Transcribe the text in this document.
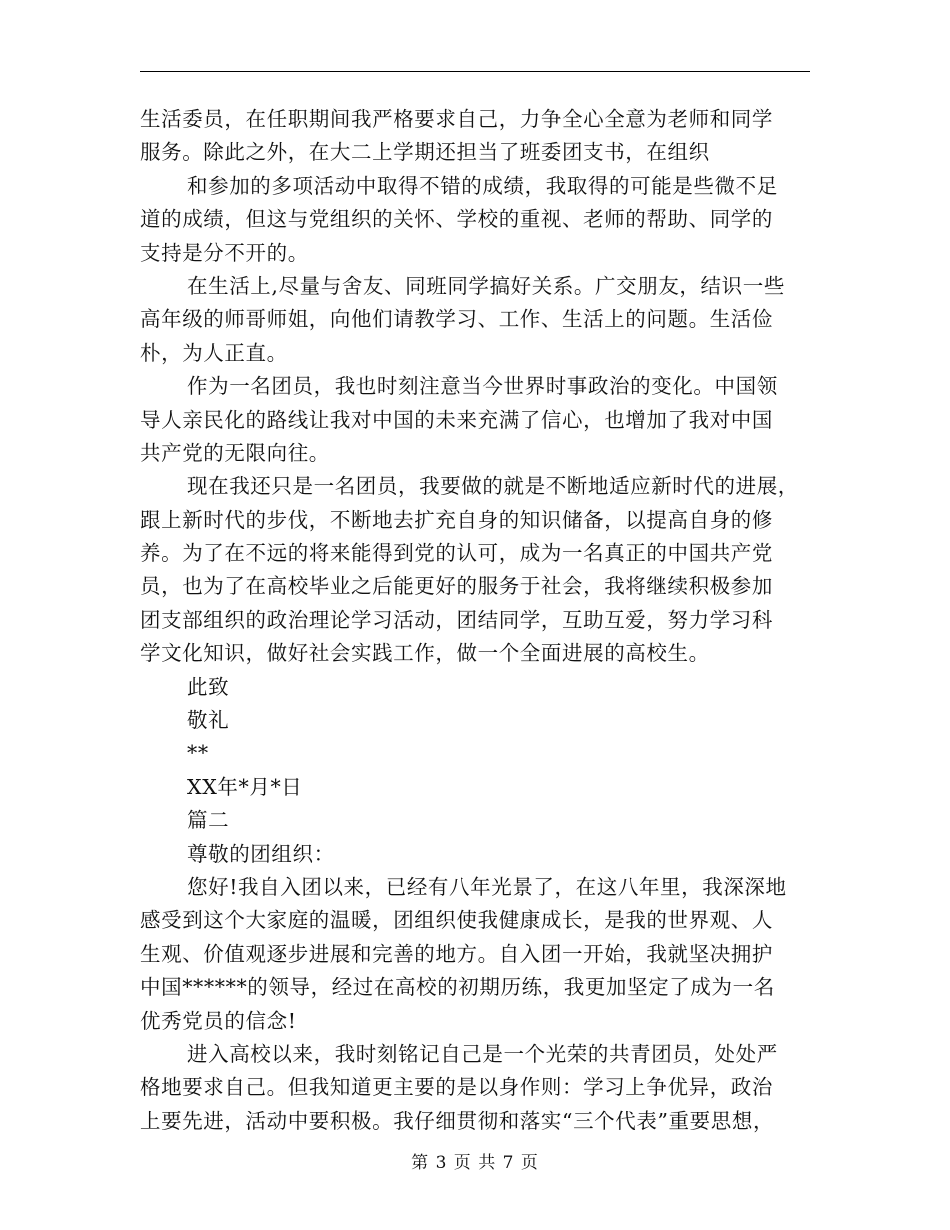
生活委员，在任职期间我严格要求自己，力争全心全意为老师和同学
服务。除此之外，在大二上学期还担当了班委团支书，在组织
和参加的多项活动中取得不错的成绩，我取得的可能是些微不足
道的成绩，但这与党组织的关怀、学校的重视、老师的帮助、同学的
支持是分不开的。
在生活上,尽量与舍友、同班同学搞好关系。广交朋友，结识一些
高年级的师哥师姐，向他们请教学习、工作、生活上的问题。生活俭
朴，为人正直。
作为一名团员，我也时刻注意当今世界时事政治的变化。中国领
导人亲民化的路线让我对中国的未来充满了信心，也增加了我对中国
共产党的无限向往。
现在我还只是一名团员，我要做的就是不断地适应新时代的进展，
跟上新时代的步伐，不断地去扩充自身的知识储备，以提高自身的修
养。为了在不远的将来能得到党的认可，成为一名真正的中国共产党
员，也为了在高校毕业之后能更好的服务于社会，我将继续积极参加
团支部组织的政治理论学习活动，团结同学，互助互爱，努力学习科
学文化知识，做好社会实践工作，做一个全面进展的高校生。
此致
敬礼
**
XX年*月*日
篇二
尊敬的团组织：
您好!我自入团以来，已经有八年光景了，在这八年里，我深深地
感受到这个大家庭的温暖，团组织使我健康成长，是我的世界观、人
生观、价值观逐步进展和完善的地方。自入团一开始，我就坚决拥护
中国******的领导，经过在高校的初期历练，我更加坚定了成为一名
优秀党员的信念!
进入高校以来，我时刻铭记自己是一个光荣的共青团员，处处严
格地要求自己。但我知道更主要的是以身作则：学习上争优异，政治
上要先进，活动中要积极。我仔细贯彻和落实“三个代表”重要思想，
第 3 页 共 7 页
